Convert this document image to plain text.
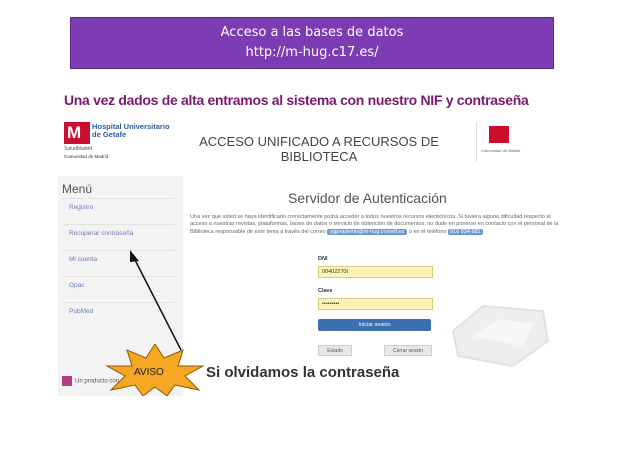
Acceso a las bases de datos
http://m-hug.c17.es/
Una vez dados de alta entramos al sistema con nuestro NIF y contraseña
M
Hospital Universitario
de Getafe
SaludMadrid
Comunidad de Madrid
ACCESO UNIFICADO A RECURSOS DE BIBLIOTECA	Comunidad de Madrid
Menú
Registro
Recuperar contraseña
Mi cuenta
Opac
PubMed
Un producto con
Servidor de Autenticación
Una vez que usted se haya identificado correctamente podrá acceder a todos nuestros recursos electrónicos. Si tuviera alguna dificultad respecto al acceso a nuestras revistas, plataformas, bases de datos o servicio de obtención de documentos, no dude en ponerse en contacto con el personal de la Biblioteca responsable de este tema a través del correo pgprademn@m-hug.comelf.es o en el teléfono 916 834 681
DNI
00402270t
Clave
•••••••••
Iniciar sesión
Estado	Cerrar sesión
AVISO	Si olvidamos la contraseña
